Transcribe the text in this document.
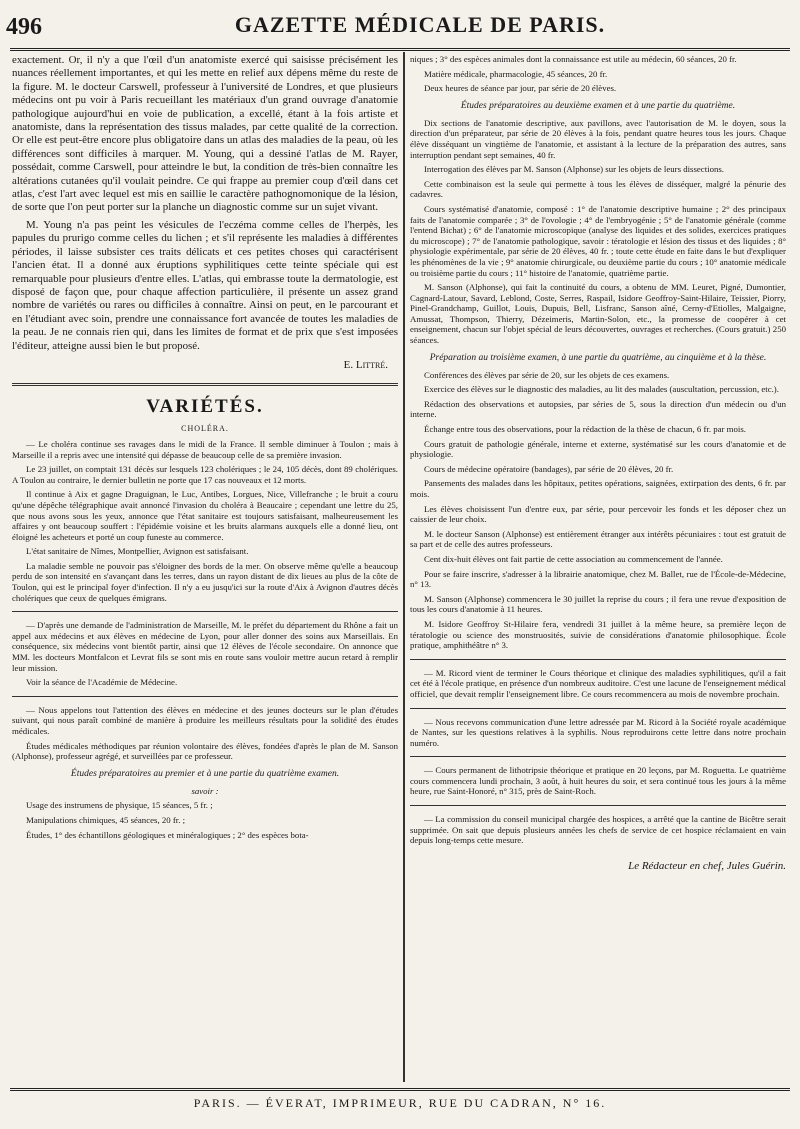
496	GAZETTE MÉDICALE DE PARIS.

exactement. Or, il n'y a que l'œil d'un anatomiste exercé qui saisisse précisément les nuances réellement importantes, et qui les mette en relief aux dépens même du reste de la figure. M. le docteur Carswell, professeur à l'université de Londres, et que plusieurs médecins ont pu voir à Paris recueillant les matériaux d'un grand ouvrage d'anatomie pathologique aujourd'hui en voie de publication, a excellé, étant à la fois artiste et anatomiste, dans la représentation des tissus malades, par cette qualité de la correction. Or elle est peut-être encore plus obligatoire dans un atlas des maladies de la peau, où les différences sont difficiles à marquer. M. Young, qui a dessiné l'atlas de M. Rayer, possédait, comme Carswell, pour atteindre le but, la condition de très-bien connaître les altérations cutanées qu'il voulait peindre. Ce qui frappe au premier coup d'œil dans cet atlas, c'est l'art avec lequel est mis en saillie le caractère pathognomonique de la lésion, de sorte que l'on peut porter sur la planche un diagnostic comme sur un sujet vivant.

M. Young n'a pas peint les vésicules de l'eczéma comme celles de l'herpès, les papules du prurigo comme celles du lichen ; et s'il représente les maladies à différentes périodes, il laisse subsister ces traits délicats et ces petites choses qui caractérisent l'ancien état. Il a donné aux éruptions syphilitiques cette teinte spéciale qui est remarquable pour plusieurs d'entre elles. L'atlas, qui embrasse toute la dermatologie, est disposé de façon que, pour chaque affection particulière, il présente un assez grand nombre de variétés ou rares ou difficiles à connaître. Ainsi on peut, en le parcourant et en l'étudiant avec soin, prendre une connaissance fort avancée de toutes les maladies de la peau. Je ne connais rien qui, dans les limites de format et de prix que s'est imposées l'éditeur, atteigne aussi bien le but proposé.

E. Littré.
VARIÉTÉS.
CHOLÉRA.

— Le choléra continue ses ravages dans le midi de la France. Il semble diminuer à Toulon ; mais à Marseille il a repris avec une intensité qui dépasse de beaucoup celle de sa première invasion.

Le 23 juillet, on comptait 131 décès sur lesquels 123 cholériques ; le 24, 105 décès, dont 89 cholériques. A Toulon au contraire, le dernier bulletin ne porte que 17 cas nouveaux et 12 morts.

Il continue à Aix et gagne Draguignan, le Luc, Antibes, Lorgues, Nice, Villefranche ; le bruit a couru qu'une dépêche télégraphique avait annoncé l'invasion du choléra à Beaucaire ; cependant une lettre du 25, que nous avons sous les yeux, annonce que l'état sanitaire est toujours satisfaisant, malheureusement les affaires y ont beaucoup souffert : l'épidémie voisine et les bruits alarmans auxquels elle a donné lieu, ont éloigné les acheteurs et porté un coup funeste au commerce.

L'état sanitaire de Nîmes, Montpellier, Avignon est satisfaisant.

La maladie semble ne pouvoir pas s'éloigner des bords de la mer. On observe même qu'elle a beaucoup perdu de son intensité en s'avançant dans les terres, dans un rayon distant de dix lieues au plus de la côte de Toulon, qui est le principal foyer d'infection. Il n'y a eu jusqu'ici sur la route d'Aix à Avignon d'autres décès cholériques que ceux de quelques émigrans.

— D'après une demande de l'administration de Marseille, M. le préfet du département du Rhône a fait un appel aux médecins et aux élèves en médecine de Lyon, pour aller donner des soins aux Marseillais. En conséquence, six médecins vont bientôt partir, ainsi que 12 élèves de l'école secondaire. On annonce que MM. les docteurs Montfalcon et Levrat fils se sont mis en route sans vouloir mettre aucun retard à remplir leur mission.

Voir la séance de l'Académie de Médecine.

— Nous appelons tout l'attention des élèves en médecine et des jeunes docteurs sur le plan d'études suivant, qui nous paraît combiné de manière à produire les meilleurs résultats pour la solidité des études médicales.

Études médicales méthodiques par réunion volontaire des élèves, fondées d'après le plan de M. Sanson (Alphonse), professeur agrégé, et surveillées par ce professeur.

Études préparatoires au premier et à une partie du quatrième examen.
savoir :

Usage des instrumens de physique, 15 séances, 5 fr. ;

Manipulations chimiques, 45 séances, 20 fr. ;

Études, 1° des échantillons géologiques et minéralogiques ; 2° des espèces bota-

niques ; 3° des espèces animales dont la connaissance est utile au médecin, 60 séances, 20 fr.

Matière médicale, pharmacologie, 45 séances, 20 fr.

Deux heures de séance par jour, par série de 20 élèves.

Études préparatoires au deuxième examen et à une partie du quatrième.

Dix sections de l'anatomie descriptive, aux pavillons, avec l'autorisation de M. le doyen, sous la direction d'un préparateur, par série de 20 élèves à la fois, pendant quatre heures tous les jours. Chaque élève disséquant un vingtième de l'anatomie, et assistant à la lecture de la préparation des autres, sans interruption pendant sept semaines, 40 fr.

Interrogation des élèves par M. Sanson (Alphonse) sur les objets de leurs dissections.

Cette combinaison est la seule qui permette à tous les élèves de disséquer, malgré la pénurie des cadavres.

Cours systématisé d'anatomie, composé : 1° de l'anatomie descriptive humaine ; 2° des principaux faits de l'anatomie comparée ; 3° de l'ovologie ; 4° de l'embryogénie ; 5° de l'anatomie générale (comme l'entend Bichat) ; 6° de l'anatomie microscopique (analyse des liquides et des solides, exercices pratiques du microscope) ; 7° de l'anatomie pathologique, savoir : tératologie et lésion des tissus et des liquides ; 8° physiologie expérimentale, par série de 20 élèves, 40 fr. ; toute cette étude en faite dans le but d'expliquer les phénomènes de la vie ; 9° anatomie chirurgicale, ou deuxième partie du cours ; 10° anatomie médicale ou troisième partie du cours ; 11° histoire de l'anatomie, quatrième partie.

M. Sanson (Alphonse), qui fait la continuité du cours, a obtenu de MM. Leuret, Pigné, Dumontier, Cagnard-Latour, Savard, Leblond, Coste, Serres, Raspail, Isidore Geoffroy-Saint-Hilaire, Teissier, Piorry, Pinel-Grandchamp, Guillot, Louis, Dupuis, Bell, Lisfranc, Sanson aîné, Cerny-d'Etiolles, Malgaigne, Amussat, Thompson, Thierry, Dézeimeris, Martin-Solon, etc., la promesse de coopérer à cet enseignement, chacun sur l'objet spécial de leurs découvertes, ouvrages et recherches. (Cours gratuit.) 250 séances.

Préparation au troisième examen, à une partie du quatrième, au cinquième et à la thèse.

Conférences des élèves par série de 20, sur les objets de ces examens.

Exercice des élèves sur le diagnostic des maladies, au lit des malades (auscultation, percussion, etc.).

Rédaction des observations et autopsies, par séries de 5, sous la direction d'un médecin ou d'un interne.

Échange entre tous des observations, pour la rédaction de la thèse de chacun, 6 fr. par mois.

Cours gratuit de pathologie générale, interne et externe, systématisé sur les cours d'anatomie et de physiologie.

Cours de médecine opératoire (bandages), par série de 20 élèves, 20 fr.

Pansements des malades dans les hôpitaux, petites opérations, saignées, extirpation des dents, 6 fr. par mois.

Les élèves choisissent l'un d'entre eux, par série, pour percevoir les fonds et les déposer chez un caissier de leur choix.

M. le docteur Sanson (Alphonse) est entièrement étranger aux intérêts pécuniaires : tout est gratuit de sa part et de celle des autres professeurs.

Cent dix-huit élèves ont fait partie de cette association au commencement de l'année.

Pour se faire inscrire, s'adresser à la librairie anatomique, chez M. Ballet, rue de l'École-de-Médecine, n° 13.

M. Sanson (Alphonse) commencera le 30 juillet la reprise du cours ; il fera une revue d'exposition de tous les cours d'anatomie à 11 heures.

M. Isidore Geoffroy St-Hilaire fera, vendredi 31 juillet à la même heure, sa première leçon de tératologie ou science des monstruosités, suivie de considérations d'anatomie philosophique. École pratique, amphithéâtre n° 3.

— M. Ricord vient de terminer le Cours théorique et clinique des maladies syphilitiques, qu'il a fait cet été à l'école pratique, en présence d'un nombreux auditoire. C'est une lacune de l'enseignement médical officiel, que devait remplir l'enseignement libre. Ce cours recommencera au mois de novembre prochain.

— Nous recevons communication d'une lettre adressée par M. Ricord à la Société royale académique de Nantes, sur les questions relatives à la syphilis. Nous reproduirons cette lettre dans notre prochain numéro.

— Cours permanent de lithotripsie théorique et pratique en 20 leçons, par M. Roguetta. Le quatrième cours commencera lundi prochain, 3 août, à huit heures du soir, et sera continué tous les jours à la même heure, rue Saint-Honoré, n° 315, près de Saint-Roch.

— La commission du conseil municipal chargée des hospices, a arrêté que la cantine de Bicêtre serait supprimée. On sait que depuis plusieurs années les chefs de service de cet hospice réclamaient en vain depuis long-temps cette mesure.

Le Rédacteur en chef, Jules Guérin.
PARIS. — ÉVERAT, IMPRIMEUR, RUE DU CADRAN, N° 16.
